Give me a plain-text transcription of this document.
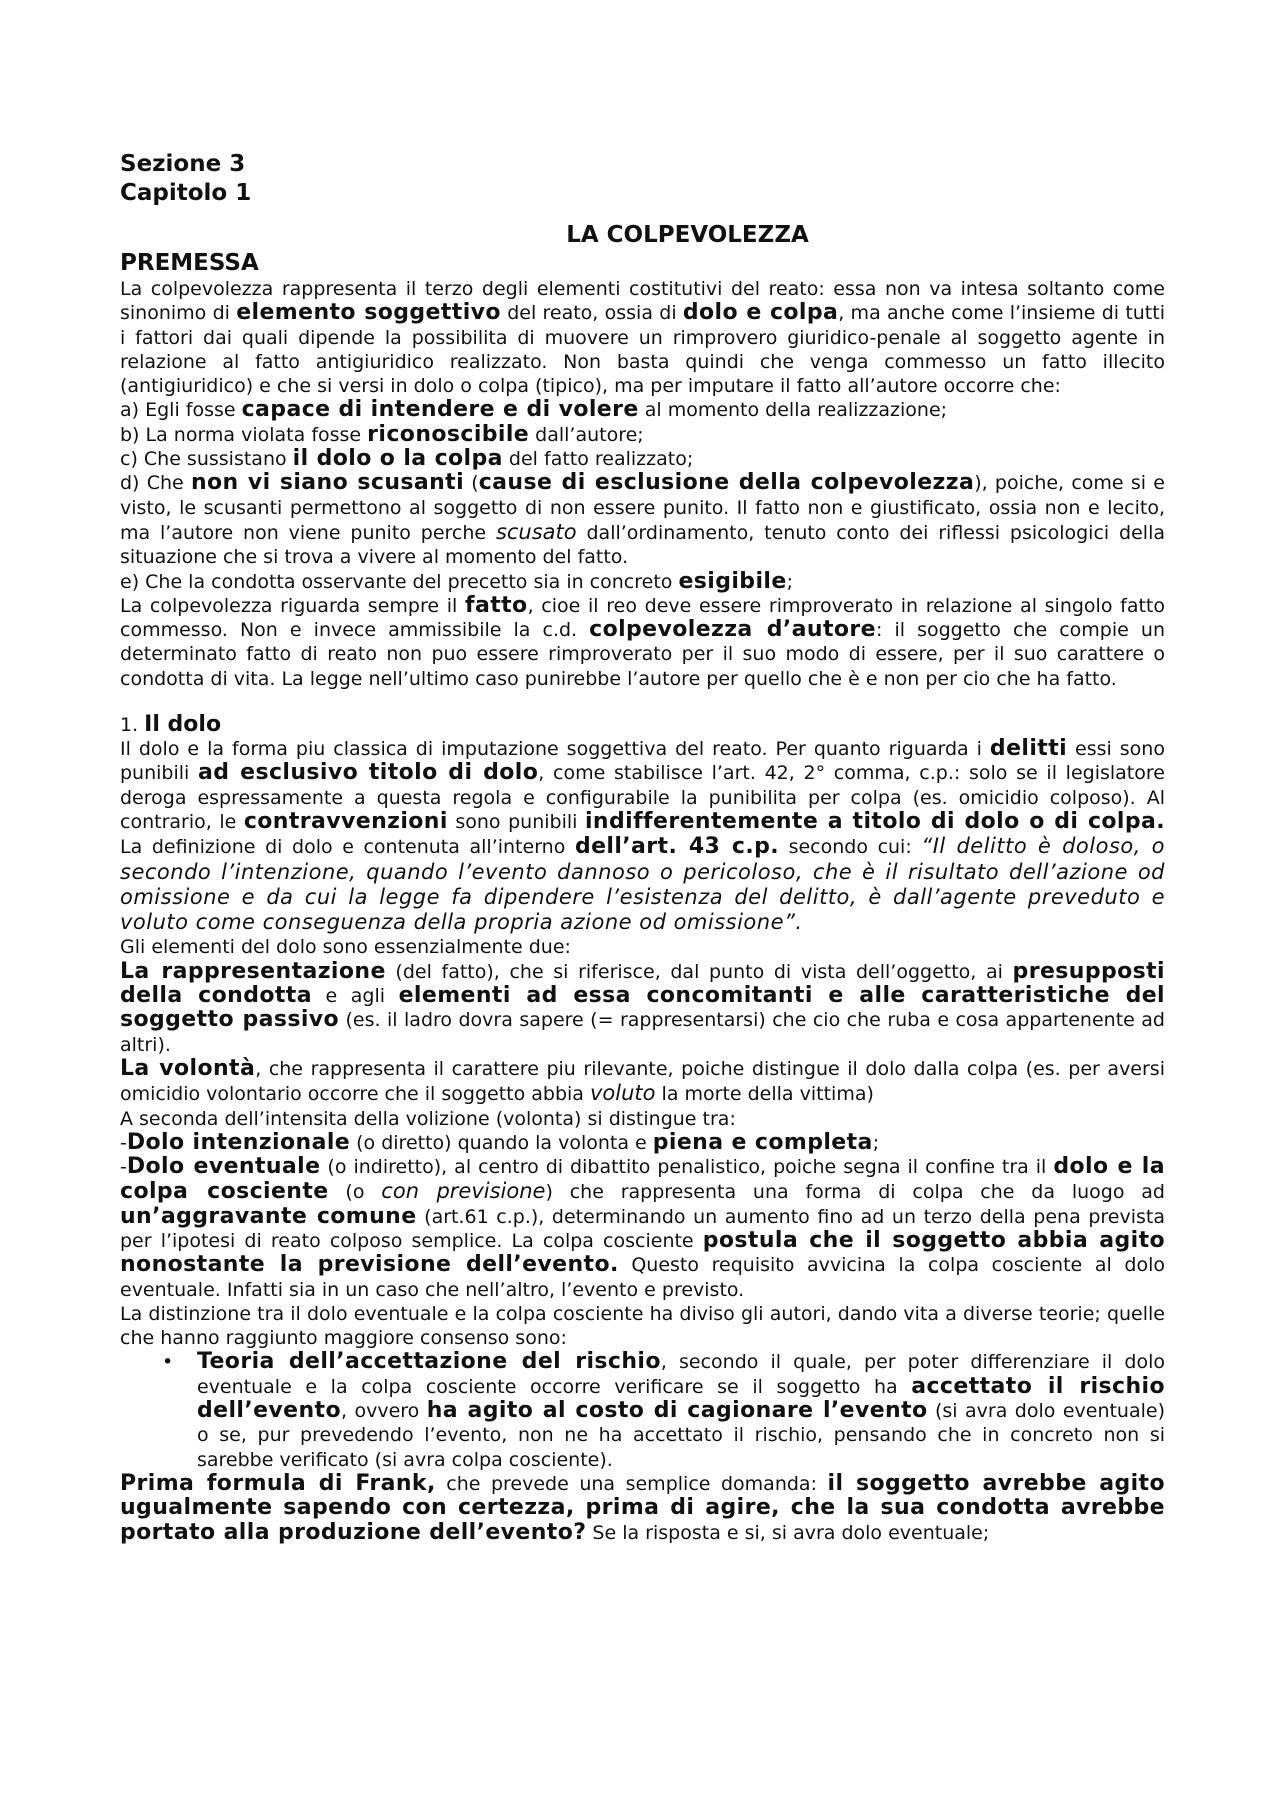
Sezione 3
Capitolo 1
LA COLPEVOLEZZA
PREMESSA

La colpevolezza rappresenta il terzo degli elementi costitutivi del reato: essa non va intesa soltanto come sinonimo di elemento soggettivo del reato, ossia di dolo e colpa, ma anche come l’insieme di tutti i fattori dai quali dipende la possibilita di muovere un rimprovero giuridico-penale al soggetto agente in relazione al fatto antigiuridico realizzato. Non basta quindi che venga commesso un fatto illecito (antigiuridico) e che si versi in dolo o colpa (tipico), ma per imputare il fatto all’autore occorre che:

a) Egli fosse capace di intendere e di volere al momento della realizzazione;

b) La norma violata fosse riconoscibile dall’autore;

c) Che sussistano il dolo o la colpa del fatto realizzato;

d) Che non vi siano scusanti (cause di esclusione della colpevolezza), poiche, come si e visto, le scusanti permettono al soggetto di non essere punito. Il fatto non e giustificato, ossia non e lecito, ma l’autore non viene punito perche scusato dall’ordinamento, tenuto conto dei riflessi psicologici della situazione che si trova a vivere al momento del fatto.

e) Che la condotta osservante del precetto sia in concreto esigibile;

La colpevolezza riguarda sempre il fatto, cioe il reo deve essere rimproverato in relazione al singolo fatto commesso. Non e invece ammissibile la c.d. colpevolezza d’autore: il soggetto che compie un determinato fatto di reato non puo essere rimproverato per il suo modo di essere, per il suo carattere o condotta di vita. La legge nell’ultimo caso punirebbe l’autore per quello che è e non per cio che ha fatto.

1. Il dolo

Il dolo e la forma piu classica di imputazione soggettiva del reato. Per quanto riguarda i delitti essi sono punibili ad esclusivo titolo di dolo, come stabilisce l’art. 42, 2° comma, c.p.: solo se il legislatore deroga espressamente a questa regola e configurabile la punibilita per colpa (es. omicidio colposo). Al contrario, le contravvenzioni sono punibili indifferentemente a titolo di dolo o di colpa. La definizione di dolo e contenuta all’interno dell’art. 43 c.p. secondo cui: “Il delitto è doloso, o secondo l’intenzione, quando l’evento dannoso o pericoloso, che è il risultato dell’azione od omissione e da cui la legge fa dipendere l’esistenza del delitto, è dall’agente preveduto e voluto come conseguenza della propria azione od omissione”.

Gli elementi del dolo sono essenzialmente due:

La rappresentazione (del fatto), che si riferisce, dal punto di vista dell’oggetto, ai presupposti della condotta e agli elementi ad essa concomitanti e alle caratteristiche del soggetto passivo (es. il ladro dovra sapere (= rappresentarsi) che cio che ruba e cosa appartenente ad altri).

La volontà, che rappresenta il carattere piu rilevante, poiche distingue il dolo dalla colpa (es. per aversi omicidio volontario occorre che il soggetto abbia voluto la morte della vittima)

A seconda dell’intensita della volizione (volonta) si distingue tra:

-Dolo intenzionale (o diretto) quando la volonta e piena e completa;

-Dolo eventuale (o indiretto), al centro di dibattito penalistico, poiche segna il confine tra il dolo e la colpa cosciente (o con previsione) che rappresenta una forma di colpa che da luogo ad un’aggravante comune (art.61 c.p.), determinando un aumento fino ad un terzo della pena prevista per l’ipotesi di reato colposo semplice. La colpa cosciente postula che il soggetto abbia agito nonostante la previsione dell’evento. Questo requisito avvicina la colpa cosciente al dolo eventuale. Infatti sia in un caso che nell’altro, l’evento e previsto.

La distinzione tra il dolo eventuale e la colpa cosciente ha diviso gli autori, dando vita a diverse teorie; quelle che hanno raggiunto maggiore consenso sono:

• Teoria dell’accettazione del rischio, secondo il quale, per poter differenziare il dolo eventuale e la colpa cosciente occorre verificare se il soggetto ha accettato il rischio dell’evento, ovvero ha agito al costo di cagionare l’evento (si avra dolo eventuale) o se, pur prevedendo l’evento, non ne ha accettato il rischio, pensando che in concreto non si sarebbe verificato (si avra colpa cosciente).

Prima formula di Frank, che prevede una semplice domanda: il soggetto avrebbe agito ugualmente sapendo con certezza, prima di agire, che la sua condotta avrebbe portato alla produzione dell’evento? Se la risposta e si, si avra dolo eventuale;
